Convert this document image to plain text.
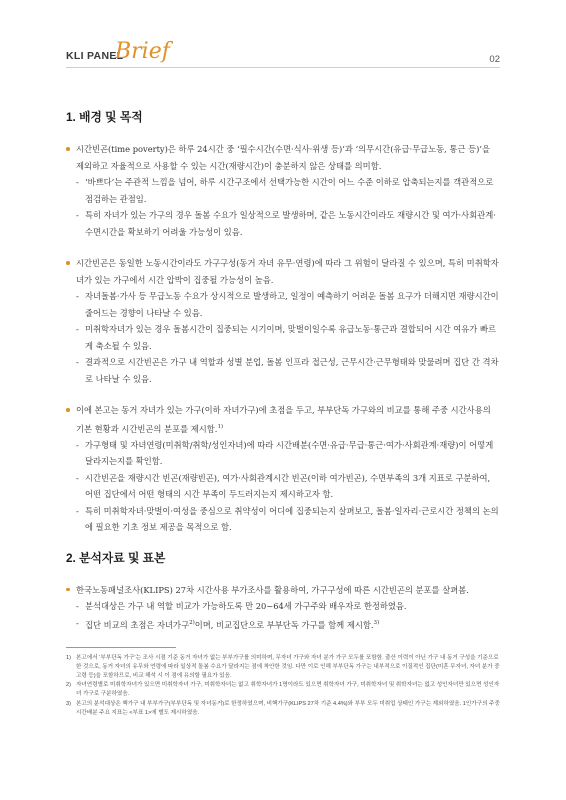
KLI PANEL
Brief	02
1. 배경 및 목적
시간빈곤(time poverty)은 하루 24시간 중 ‘필수시간(수면·식사·위생 등)’과 ‘의무시간(유급·무급노동, 통근 등)’을 제외하고 자율적으로 사용할 수 있는 시간(재량시간)이 충분하지 않은 상태를 의미함.
- ‘바쁘다’는 주관적 느낌을 넘어, 하루 시간구조에서 선택가능한 시간이 어느 수준 이하로 압축되는지를 객관적으로 점검하는 관점임.
- 특히 자녀가 있는 가구의 경우 돌봄 수요가 일상적으로 발생하며, 같은 노동시간이라도 재량시간 및 여가·사회관계·수면시간을 확보하기 어려울 가능성이 있음.
시간빈곤은 동일한 노동시간이라도 가구구성(동거 자녀 유무·연령)에 따라 그 위험이 달라질 수 있으며, 특히 미취학자녀가 있는 가구에서 시간 압박이 집중될 가능성이 높음.
- 자녀돌봄·가사 등 무급노동 수요가 상시적으로 발생하고, 일정이 예측하기 어려운 돌봄 요구가 더해지면 재량시간이 줄어드는 경향이 나타날 수 있음.
- 미취학자녀가 있는 경우 돌봄시간이 집중되는 시기이며, 맞벌이일수록 유급노동·통근과 결합되어 시간 여유가 빠르게 축소될 수 있음.
- 결과적으로 시간빈곤은 가구 내 역할과 성별 분업, 돌봄 인프라 접근성, 근무시간·근무형태와 맞물려며 집단 간 격차로 나타날 수 있음.
이에 본고는 동거 자녀가 있는 가구(이하 자녀가구)에 초점을 두고, 부부단독 가구와의 비교를 통해 주중 시간사용의 기본 현황과 시간빈곤의 분포를 제시함.$^{1)}$
- 가구형태 및 자녀연령(미취학/취학/성인자녀)에 따라 시간배분(수면·유급·무급·통근·여가·사회관계·재량)이 어떻게 달라지는지를 확인함.
- 시간빈곤을 재량시간 빈곤(재량빈곤), 여가·사회관계시간 빈곤(이하 여가빈곤), 수면부족의 3개 지표로 구분하여, 어떤 집단에서 어떤 형태의 시간 부족이 두드러지는지 제시하고자 함.
- 특히 미취학자녀·맞벌이·여성을 중심으로 취약성이 어디에 집중되는지 살펴보고, 돌봄·일자리·근로시간 정책의 논의에 필요한 기초 정보 제공을 목적으로 함.
2. 분석자료 및 표본
한국노동패널조사(KLIPS) 27차 시간사용 부가조사를 활용하여, 가구구성에 따른 시간빈곤의 분포를 살펴봄.
- 분석대상은 가구 내 역할 비교가 가능하도록 만 20~64세 가구주와 배우자로 한정하였음.
- 집단 비교의 초점은 자녀가구$^{2)}$이며, 비교집단으로 부부단독 가구를 함께 제시함.$^{3)}$
1) 본고에서 ‘부부단독 가구’는 조사 시점 기준 동거 자녀가 없는 부부가구를 의미하며, 무자녀 가구와 자녀 분가 가구 모두를 포함함. 출산 이력이 아닌 가구 내 동거 구성을 기준으로 한 것으로, 동거 자녀의 유무와 연령에 따라 일상적 돌봄 수요가 달라지는 점에 착안한 것임. 다만 이로 인해 부부단독 가구는 내부적으로 이질적인 집단(미혼 무자녀, 자녀 분가 중고령 등)을 포함하므로, 비교 해석 시 이 점에 유의할 필요가 있음.
2) 자녀연령별로 미취학자녀가 있으면 미취학자녀 가구, 미취학자녀는 없고 취학자녀가 1명이라도 있으면 취학자녀 가구, 미취학자녀 및 취학자녀는 없고 성인자녀만 있으면 성인자녀 가구로 구분하였음.
3) 본고의 분석대상은 핵가구 내 부부가구(부부단독 및 자녀동거)로 한정하였으며, 비핵가구(KLIPS 27차 기준 4.4%)와 부부 모두 미취업 상태인 가구는 제외하였음. 1인가구의 주중 시간배분 주요 지표는 <부표 1>에 별도 제시하였음.
